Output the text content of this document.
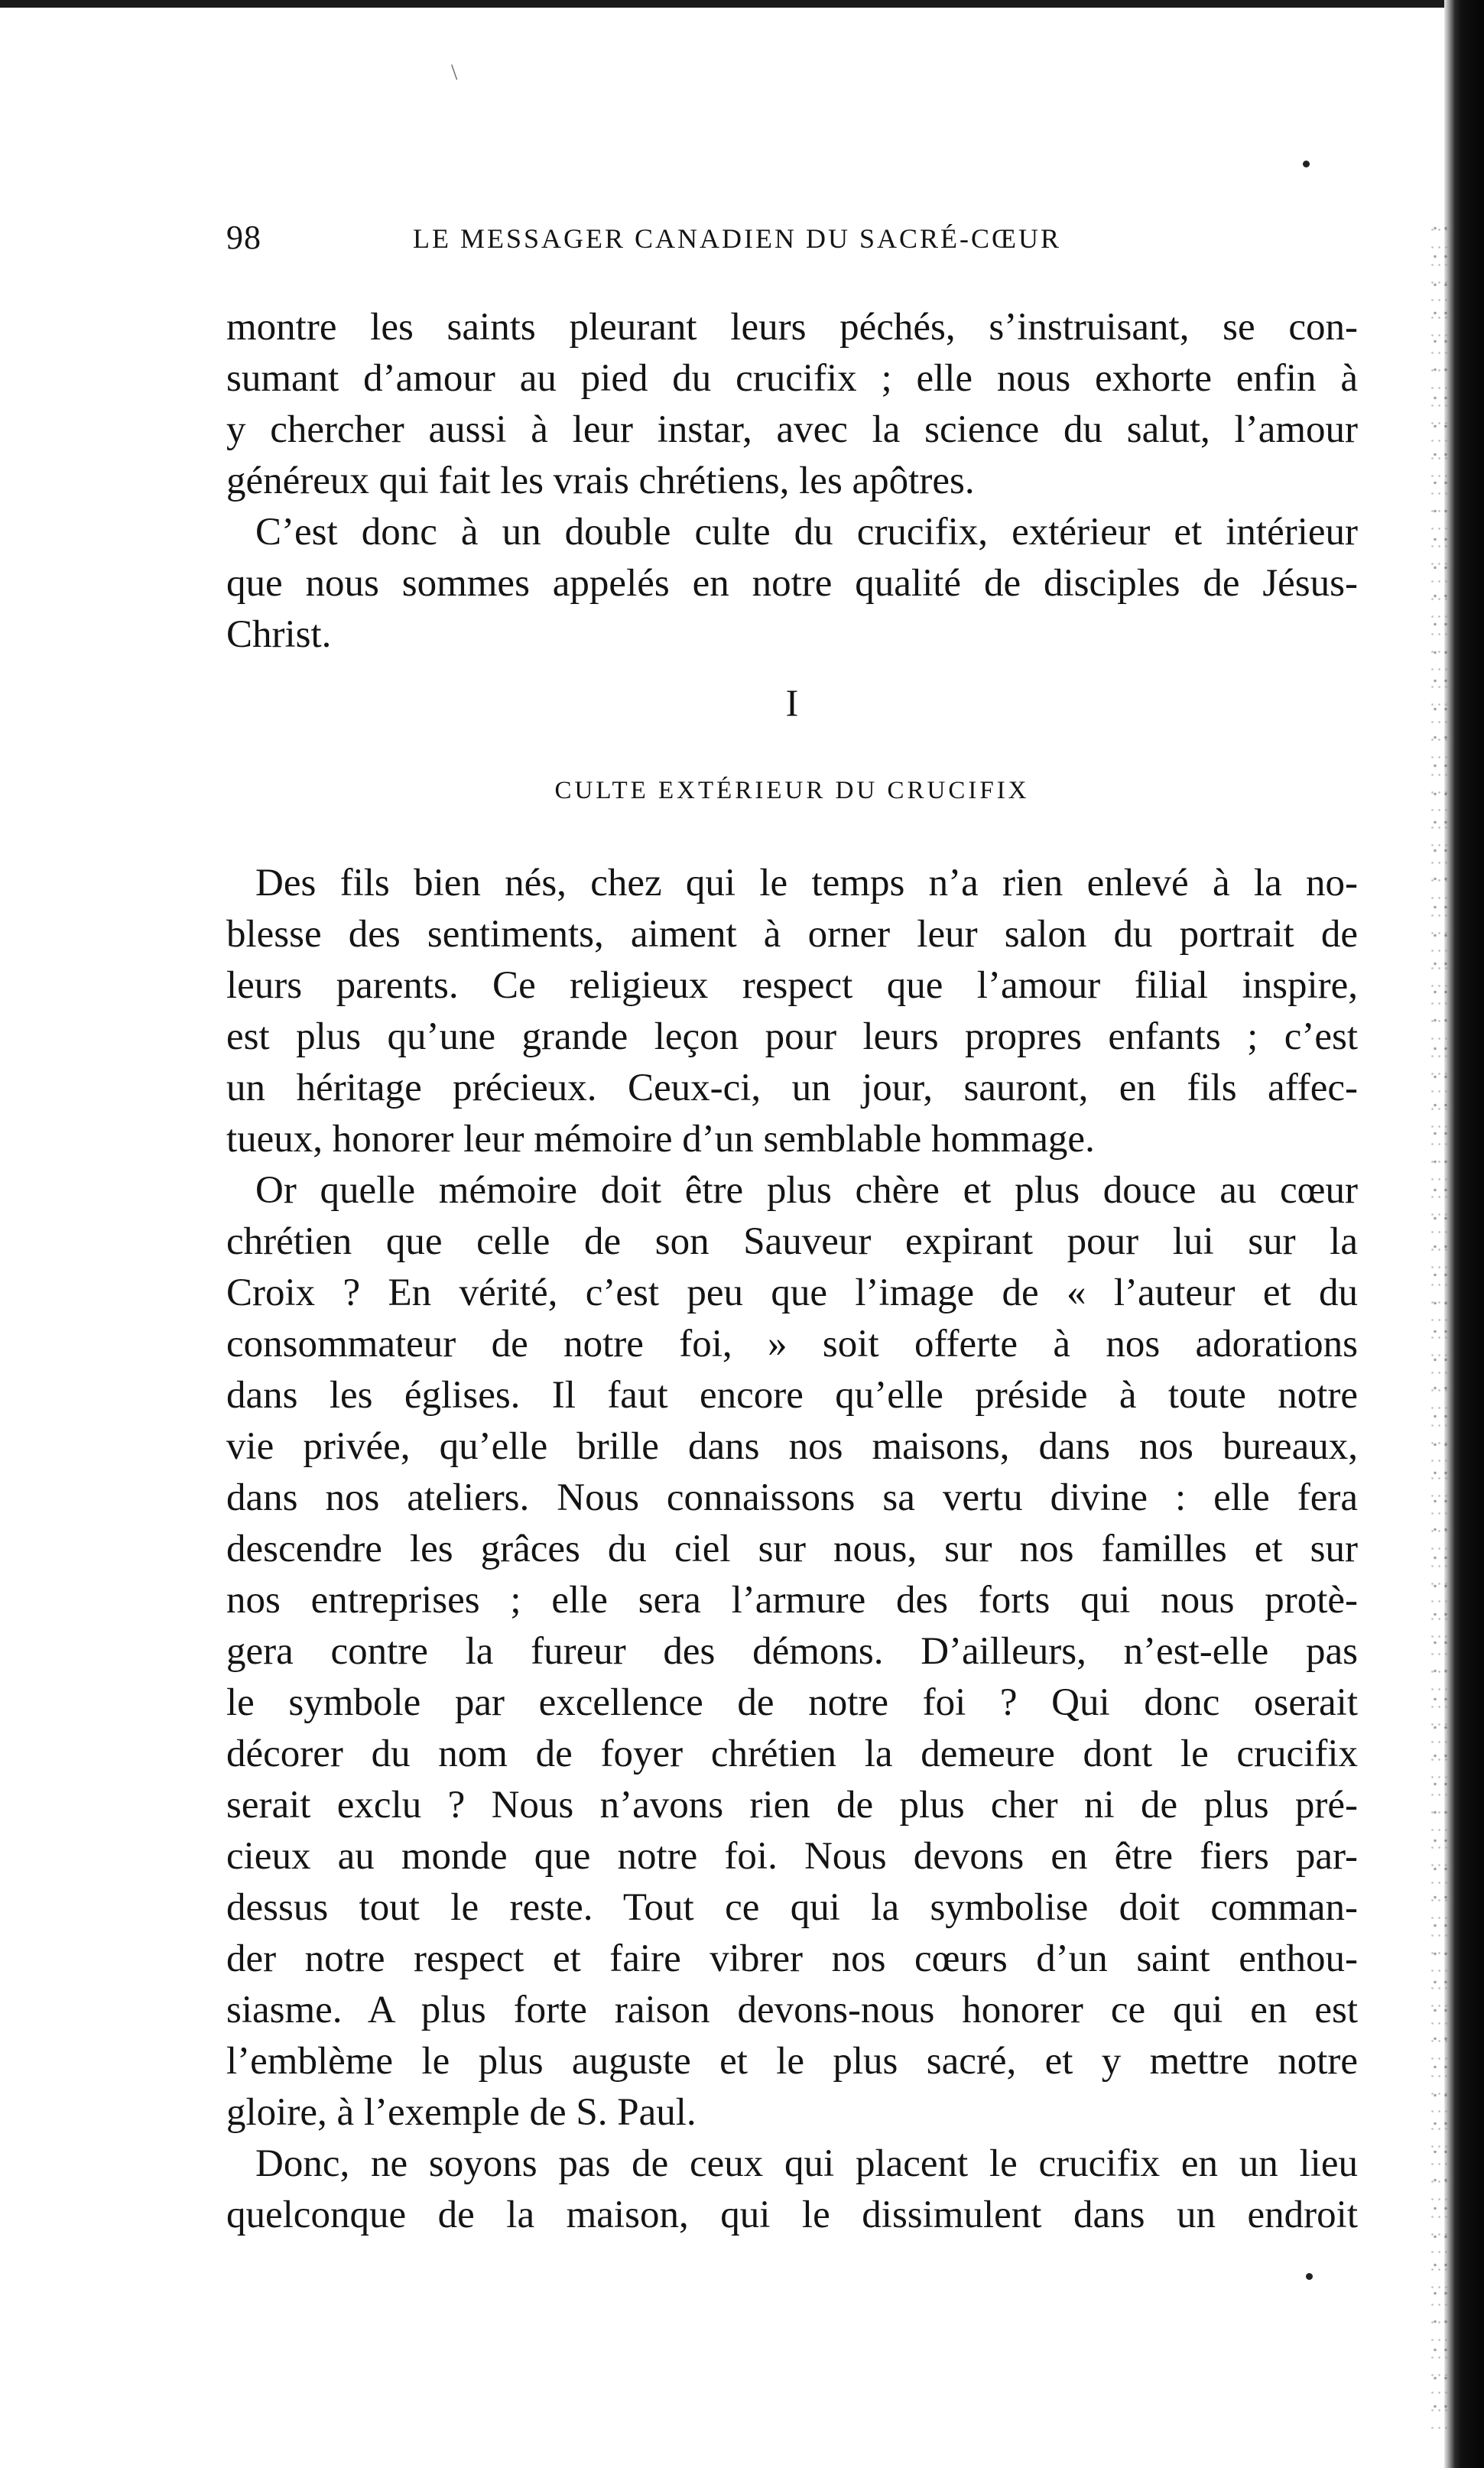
\
98	LE MESSAGER CANADIEN DU SACRÉ-CŒUR
montre les saints pleurant leurs péchés, s’instruisant, se con-
sumant d’amour au pied du crucifix ; elle nous exhorte enfin à
y chercher aussi à leur instar, avec la science du salut, l’amour
généreux qui fait les vrais chrétiens, les apôtres.
C’est donc à un double culte du crucifix, extérieur et intérieur
que nous sommes appelés en notre qualité de disciples de Jésus-
Christ.
I
CULTE EXTÉRIEUR DU CRUCIFIX
Des fils bien nés, chez qui le temps n’a rien enlevé à la no-
blesse des sentiments, aiment à orner leur salon du portrait de
leurs parents. Ce religieux respect que l’amour filial inspire,
est plus qu’une grande leçon pour leurs propres enfants ; c’est
un héritage précieux. Ceux-ci, un jour, sauront, en fils affec-
tueux, honorer leur mémoire d’un semblable hommage.
Or quelle mémoire doit être plus chère et plus douce au cœur
chrétien que celle de son Sauveur expirant pour lui sur la
Croix ? En vérité, c’est peu que l’image de « l’auteur et du
consommateur de notre foi, » soit offerte à nos adorations
dans les églises. Il faut encore qu’elle préside à toute notre
vie privée, qu’elle brille dans nos maisons, dans nos bureaux,
dans nos ateliers. Nous connaissons sa vertu divine : elle fera
descendre les grâces du ciel sur nous, sur nos familles et sur
nos entreprises ; elle sera l’armure des forts qui nous protè-
gera contre la fureur des démons. D’ailleurs, n’est-elle pas
le symbole par excellence de notre foi ? Qui donc oserait
décorer du nom de foyer chrétien la demeure dont le crucifix
serait exclu ? Nous n’avons rien de plus cher ni de plus pré-
cieux au monde que notre foi. Nous devons en être fiers par-
dessus tout le reste. Tout ce qui la symbolise doit comman-
der notre respect et faire vibrer nos cœurs d’un saint enthou-
siasme. A plus forte raison devons-nous honorer ce qui en est
l’emblème le plus auguste et le plus sacré, et y mettre notre
gloire, à l’exemple de S. Paul.
Donc, ne soyons pas de ceux qui placent le crucifix en un lieu
quelconque de la maison, qui le dissimulent dans un endroit
